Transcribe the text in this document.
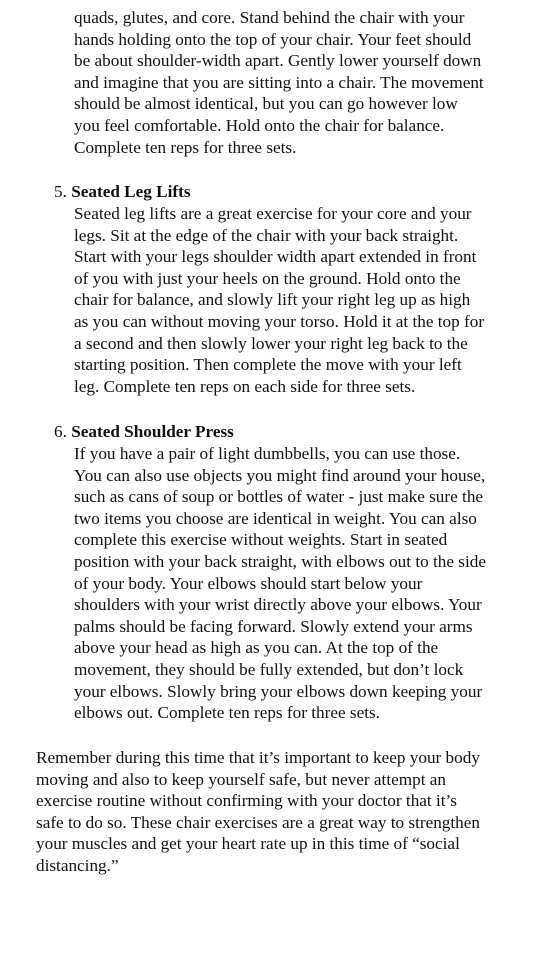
quads, glutes, and core. Stand behind the chair with your
hands holding onto the top of your chair. Your feet should
be about shoulder-width apart. Gently lower yourself down
and imagine that you are sitting into a chair. The movement
should be almost identical, but you can go however low
you feel comfortable. Hold onto the chair for balance.
Complete ten reps for three sets.
5. Seated Leg Lifts
Seated leg lifts are a great exercise for your core and your
legs. Sit at the edge of the chair with your back straight.
Start with your legs shoulder width apart extended in front
of you with just your heels on the ground. Hold onto the
chair for balance, and slowly lift your right leg up as high
as you can without moving your torso. Hold it at the top for
a second and then slowly lower your right leg back to the
starting position. Then complete the move with your left
leg. Complete ten reps on each side for three sets.
6. Seated Shoulder Press
If you have a pair of light dumbbells, you can use those.
You can also use objects you might find around your house,
such as cans of soup or bottles of water - just make sure the
two items you choose are identical in weight. You can also
complete this exercise without weights. Start in seated
position with your back straight, with elbows out to the side
of your body. Your elbows should start below your
shoulders with your wrist directly above your elbows. Your
palms should be facing forward. Slowly extend your arms
above your head as high as you can. At the top of the
movement, they should be fully extended, but don’t lock
your elbows. Slowly bring your elbows down keeping your
elbows out. Complete ten reps for three sets.
Remember during this time that it’s important to keep your body
moving and also to keep yourself safe, but never attempt an
exercise routine without confirming with your doctor that it’s
safe to do so. These chair exercises are a great way to strengthen
your muscles and get your heart rate up in this time of “social
distancing.”
